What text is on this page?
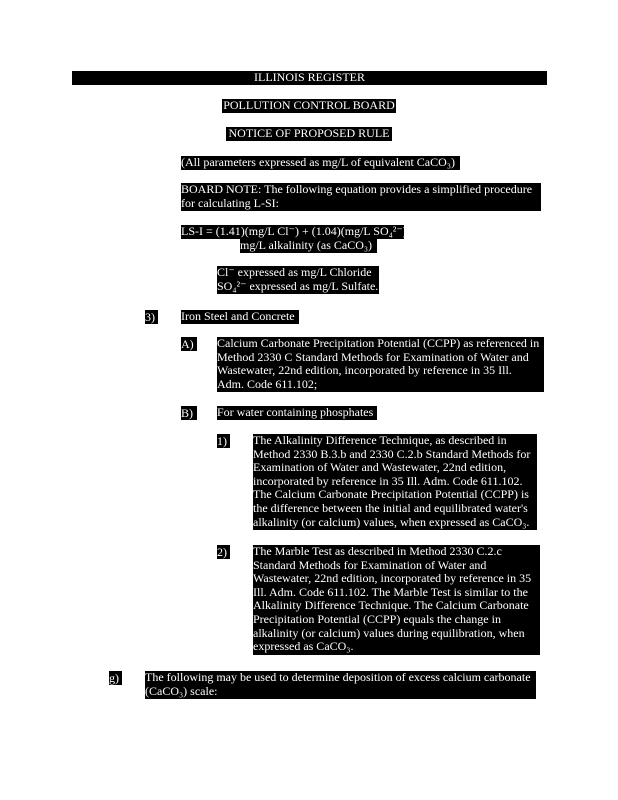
ILLINOIS REGISTER
POLLUTION CONTROL BOARD
NOTICE OF PROPOSED RULE
(All parameters expressed as mg/L of equivalent CaCO₃)
BOARD NOTE: The following equation provides a simplified procedure
for calculating L-SI:
LS-I = (1.41)(mg/L Cl⁻) + (1.04)(mg/L SO₄²⁻)
mg/L alkalinity (as CaCO₃)
Cl⁻ expressed as mg/L Chloride
SO₄²⁻ expressed as mg/L Sulfate.
3) Iron Steel and Concrete
A) Calcium Carbonate Precipitation Potential (CCPP) as referenced in
Method 2330 C Standard Methods for Examination of Water and
Wastewater, 22nd edition, incorporated by reference in 35 Ill.
Adm. Code 611.102;
B)	For water containing phosphates
1) The Alkalinity Difference Technique, as described in
Method 2330 B.3.b and 2330 C.2.b Standard Methods for
Examination of Water and Wastewater, 22nd edition,
incorporated by reference in 35 Ill. Adm. Code 611.102.
The Calcium Carbonate Precipitation Potential (CCPP) is
the difference between the initial and equilibrated water's
alkalinity (or calcium) values, when expressed as CaCO₃.
2) The Marble Test as described in Method 2330 C.2.c
Standard Methods for Examination of Water and
Wastewater, 22nd edition, incorporated by reference in 35
Ill. Adm. Code 611.102. The Marble Test is similar to the
Alkalinity Difference Technique. The Calcium Carbonate
Precipitation Potential (CCPP) equals the change in
alkalinity (or calcium) values during equilibration, when
expressed as CaCO₃.
g) The following may be used to determine deposition of excess calcium carbonate
(CaCO₃) scale:
